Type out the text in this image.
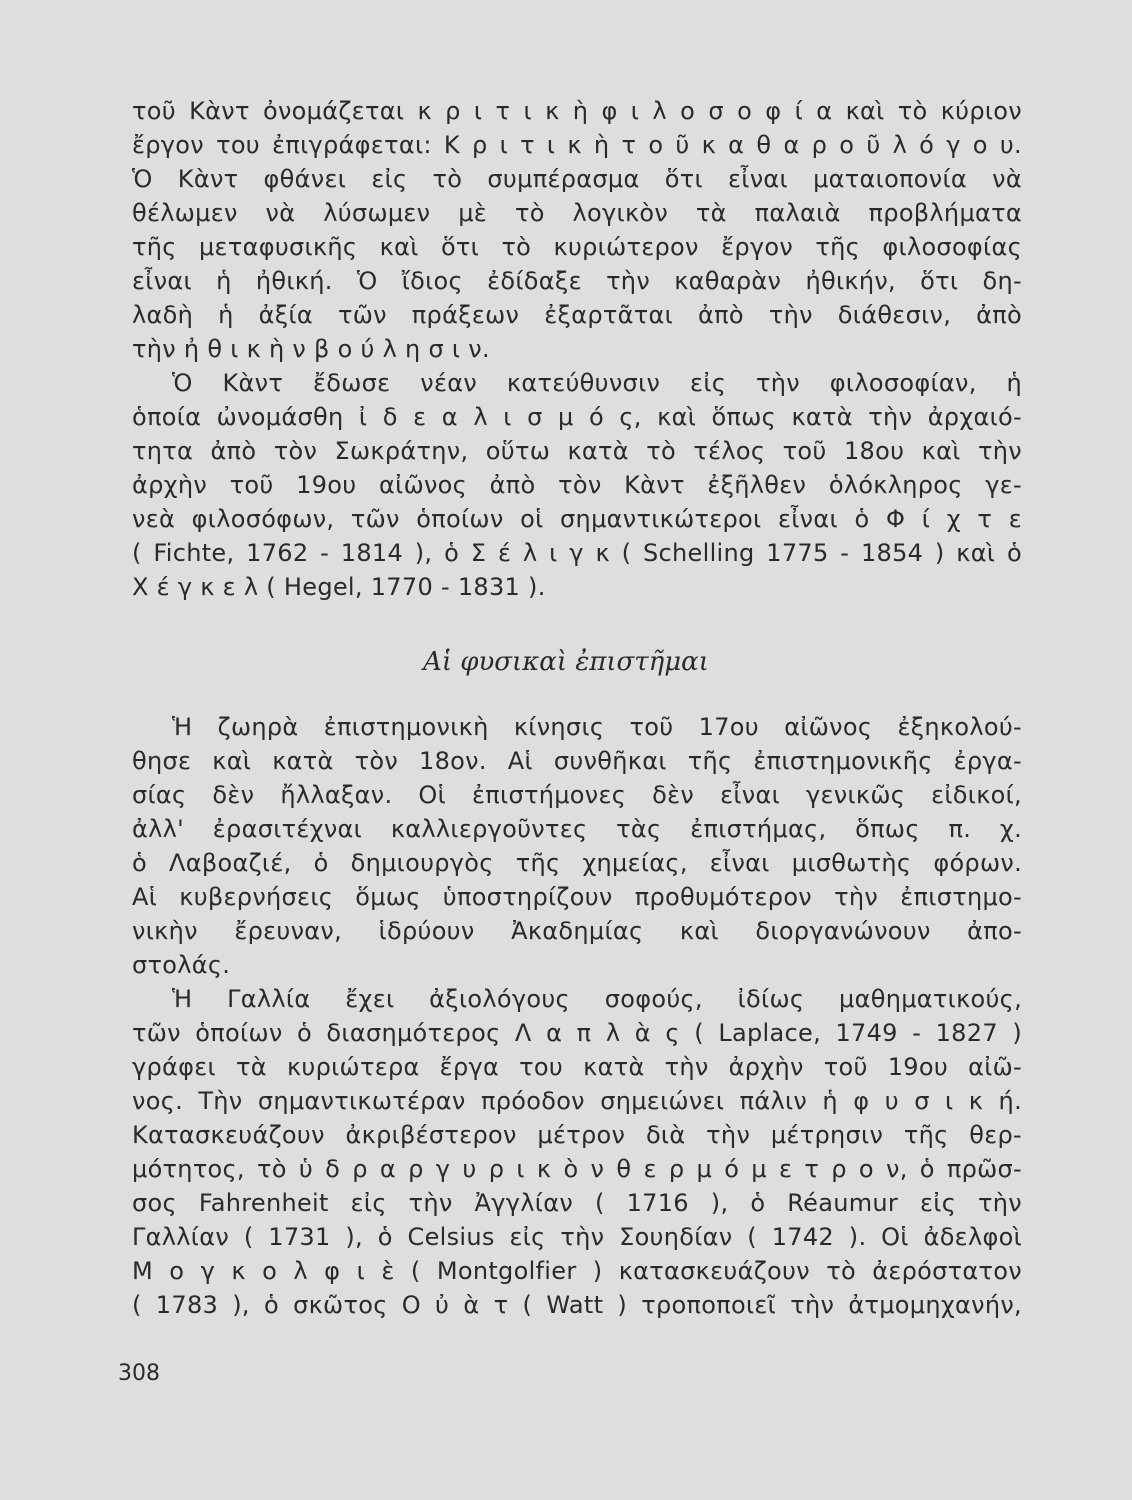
τοῦ Κὰντ ὀνομάζεται κ ρ ι τ ι κ ὴ φ ι λ ο σ ο φ ί α καὶ τὸ κύριον
ἔργον του ἐπιγράφεται: Κ ρ ι τ ι κ ὴ τ ο ῦ κ α θ α ρ ο ῦ λ ό γ ο υ.
Ὁ Κὰντ φθάνει εἰς τὸ συμπέρασμα ὅτι εἶναι ματαιοπονία νὰ
θέλωμεν νὰ λύσωμεν μὲ τὸ λογικὸν τὰ παλαιὰ προβλήματα
τῆς μεταφυσικῆς καὶ ὅτι τὸ κυριώτερον ἔργον τῆς φιλοσοφίας
εἶναι ἡ ἠθική. Ὁ ἴδιος ἐδίδαξε τὴν καθαρὰν ἠθικήν, ὅτι δη-
λαδὴ ἡ ἀξία τῶν πράξεων ἐξαρτᾶται ἀπὸ τὴν διάθεσιν, ἀπὸ
τὴν ἠ θ ι κ ὴ ν β ο ύ λ η σ ι ν.
Ὁ Κὰντ ἔδωσε νέαν κατεύθυνσιν εἰς τὴν φιλοσοφίαν, ἡ
ὁποία ὠνομάσθη ἰ δ ε α λ ι σ μ ό ς, καὶ ὅπως κατὰ τὴν ἀρχαιό-
τητα ἀπὸ τὸν Σωκράτην, οὕτω κατὰ τὸ τέλος τοῦ 18ου καὶ τὴν
ἀρχὴν τοῦ 19ου αἰῶνος ἀπὸ τὸν Κὰντ ἐξῆλθεν ὁλόκληρος γε-
νεὰ φιλοσόφων, τῶν ὁποίων οἱ σημαντικώτεροι εἶναι ὁ Φ ί χ τ ε
( Fichte, 1762 - 1814 ), ὁ Σ έ λ ι γ κ ( Schelling 1775 - 1854 ) καὶ ὁ
Χ έ γ κ ε λ ( Hegel, 1770 - 1831 ).
Αἱ φυσικαὶ ἐπιστῆμαι
Ἡ ζωηρὰ ἐπιστημονικὴ κίνησις τοῦ 17ου αἰῶνος ἐξηκολού-
θησε καὶ κατὰ τὸν 18ον. Αἱ συνθῆκαι τῆς ἐπιστημονικῆς ἐργα-
σίας δὲν ἤλλαξαν. Οἱ ἐπιστήμονες δὲν εἶναι γενικῶς εἰδικοί,
ἀλλ' ἐρασιτέχναι καλλιεργοῦντες τὰς ἐπιστήμας, ὅπως π. χ.
ὁ Λαβοαζιέ, ὁ δημιουργὸς τῆς χημείας, εἶναι μισθωτὴς φόρων.
Αἱ κυβερνήσεις ὅμως ὑποστηρίζουν προθυμότερον τὴν ἐπιστημο-
νικὴν ἔρευναν, ἱδρύουν Ἀκαδημίας καὶ διοργανώνουν ἀπο-
στολάς.
Ἡ Γαλλία ἔχει ἀξιολόγους σοφούς, ἰδίως μαθηματικούς,
τῶν ὁποίων ὁ διασημότερος Λ α π λ ὰ ς ( Laplace, 1749 - 1827 )
γράφει τὰ κυριώτερα ἔργα του κατὰ τὴν ἀρχὴν τοῦ 19ου αἰῶ-
νος. Τὴν σημαντικωτέραν πρόοδον σημειώνει πάλιν ἡ φ υ σ ι κ ή.
Κατασκευάζουν ἀκριβέστερον μέτρον διὰ τὴν μέτρησιν τῆς θερ-
μότητος, τὸ ὑ δ ρ α ρ γ υ ρ ι κ ὸ ν θ ε ρ μ ό μ ε τ ρ ο ν, ὁ πρῶσ-
σος Fahrenheit εἰς τὴν Ἀγγλίαν ( 1716 ), ὁ Réaumur εἰς τὴν
Γαλλίαν ( 1731 ), ὁ Celsius εἰς τὴν Σουηδίαν ( 1742 ). Οἱ ἀδελφοὶ
Μ ο γ κ ο λ φ ι ὲ ( Montgolfier ) κατασκευάζουν τὸ ἀερόστατον
( 1783 ), ὁ σκῶτος Ο ὐ ὰ τ ( Watt ) τροποποιεῖ τὴν ἀτμομηχανήν,
308
